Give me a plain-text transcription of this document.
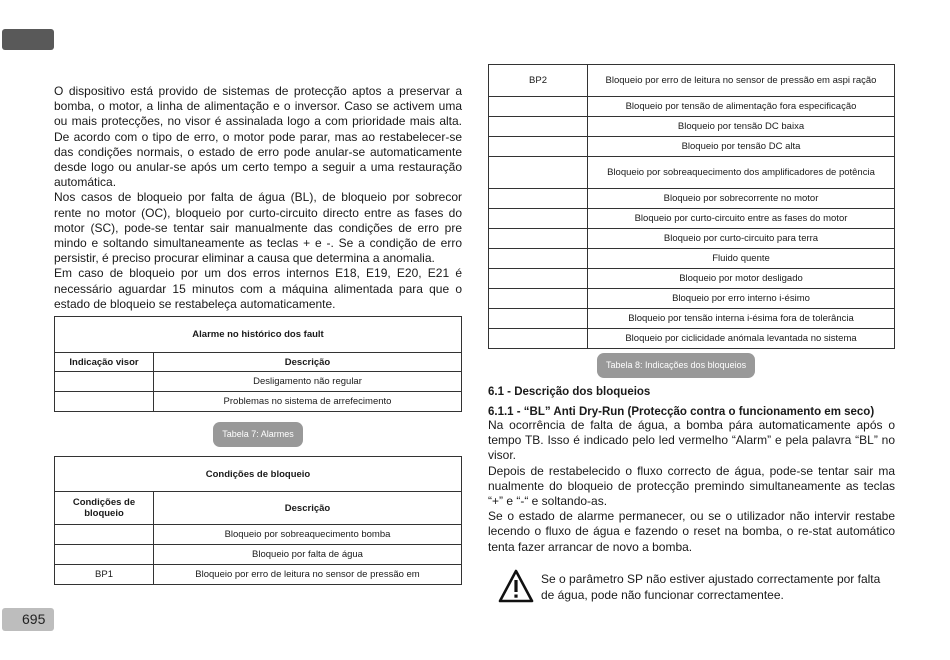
O dispositivo está provido de sistemas de protecção aptos a preservar a bomba, o motor, a linha de alimentação e o inversor. Caso se activem uma ou mais protecções, no visor é assinalada logo a com prioridade mais alta. De acordo com o tipo de erro, o motor pode parar, mas ao restabelecer-se das condições normais, o estado de erro pode anular-se automaticamente desde logo ou anular-se após um certo tempo a seguir a uma restauração automática.

Nos casos de bloqueio por falta de água (BL), de bloqueio por sobrecor rente no motor (OC), bloqueio por curto-circuito directo entre as fases do motor (SC), pode-se tentar sair manualmente das condições de erro pre mindo e soltando simultaneamente as teclas + e -. Se a condição de erro persistir, é preciso procurar eliminar a causa que determina a anomalia.

Em caso de bloqueio por um dos erros internos E18, E19, E20, E21 é necessário aguardar 15 minutos com a máquina alimentada para que o estado de bloqueio se restabeleça automaticamente.

Alarme no histórico dos fault	
Indicação visor	Descrição
	Desligamento não regular
	Problemas no sistema de arrefecimento
Tabela 7: Alarmes
Condições de bloqueio	
Condições de bloqueio	Descrição
	Bloqueio por sobreaquecimento bomba
	Bloqueio por falta de água
BP1	Bloqueio por erro de leitura no sensor de pressão em
BP2	Bloqueio por erro de leitura no sensor de pressão em aspi ração
	Bloqueio por tensão de alimentação fora especificação
	Bloqueio por tensão DC baixa
	Bloqueio por tensão DC alta
	Bloqueio por sobreaquecimento dos amplificadores de potência
	Bloqueio por sobrecorrente no motor
	Bloqueio por curto-circuito entre as fases do motor
	Bloqueio por curto-circuito para terra
	Fluido quente
	Bloqueio por motor desligado
	Bloqueio por erro interno i-ésimo
	Bloqueio por tensão interna i-ésima fora de tolerância
	Bloqueio por ciclicidade anómala levantada no sistema
Tabela 8: Indicações dos bloqueios

6.1 - Descrição dos bloqueios

6.1.1 - “BL” Anti Dry-Run (Protecção contra o funcionamento em seco)

Na ocorrência de falta de água, a bomba pára automaticamente após o tempo TB. Isso é indicado pelo led vermelho “Alarm” e pela palavra “BL” no visor.

Depois de restabelecido o fluxo correcto de água, pode-se tentar sair ma nualmente do bloqueio de protecção premindo simultaneamente as teclas “+” e “-“ e soltando-as.

Se o estado de alarme permanecer, ou se o utilizador não intervir restabe lecendo o fluxo de água e fazendo o reset na bomba, o re-stat automático tenta fazer arrancar de novo a bomba.

Se o parâmetro SP não estiver ajustado correctamente por falta de água, pode não funcionar correctamentee.

695
